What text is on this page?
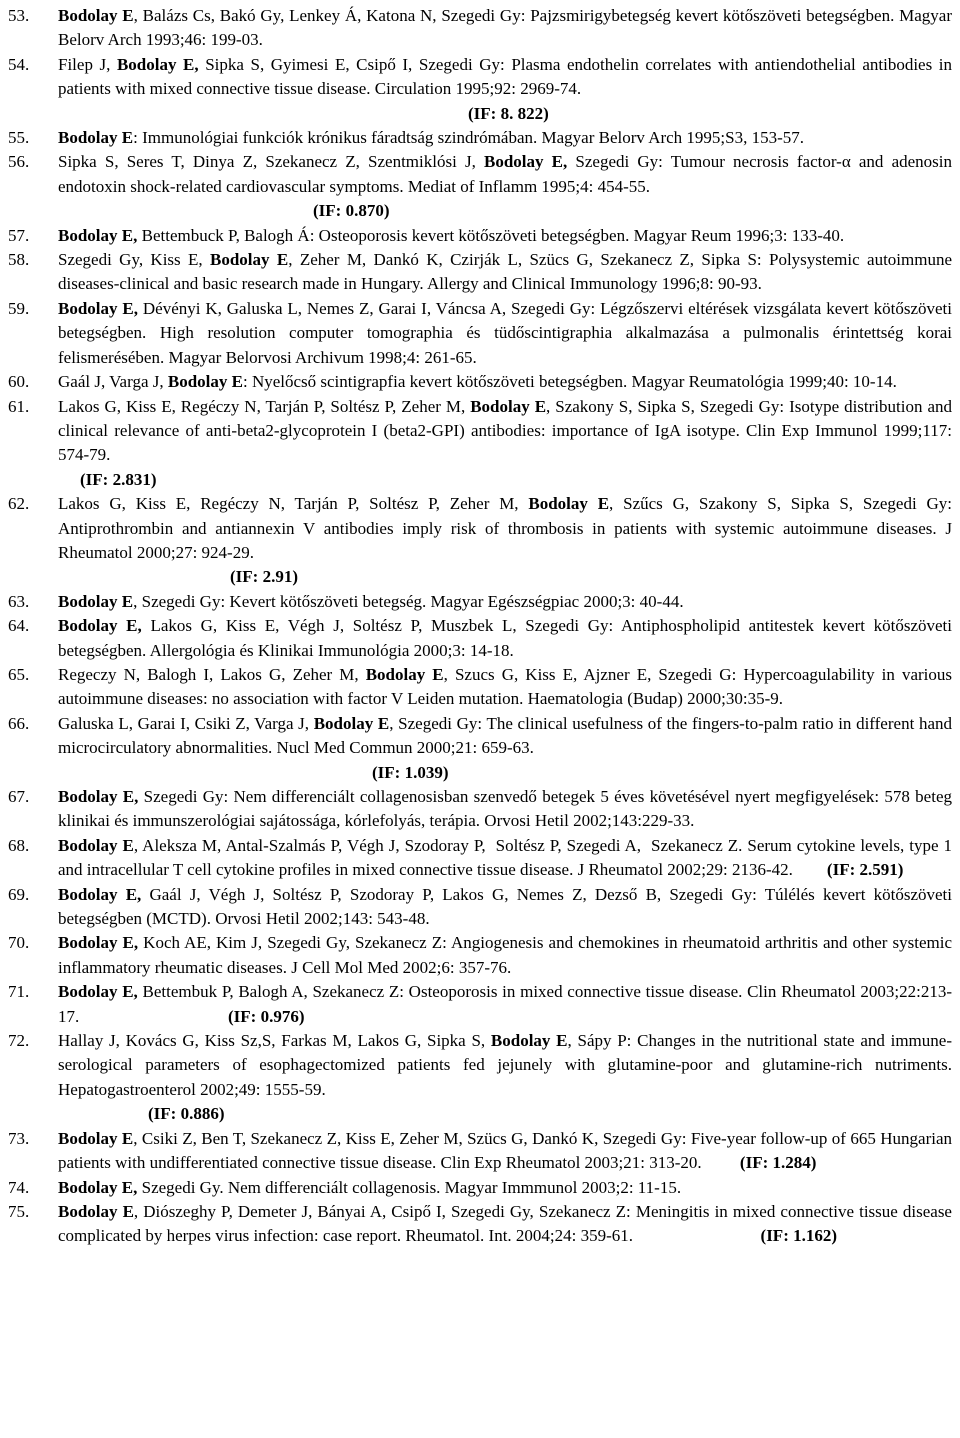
53.	Bodolay E, Balázs Cs, Bakó Gy, Lenkey Á, Katona N, Szegedi Gy: Pajzsmirigybetegség kevert kötőszöveti betegségben. Magyar Belorv Arch 1993;46: 199-03.
54.	Filep J, Bodolay E, Sipka S, Gyimesi E, Csipő I, Szegedi Gy: Plasma endothelin correlates with antiendothelial antibodies in patients with mixed connective tissue disease. Circulation 1995;92: 2969-74.
(IF: 8. 822)
55.	Bodolay E: Immunológiai funkciók krónikus fáradtság szindrómában. Magyar Belorv Arch 1995;S3, 153-57.
56.	Sipka S, Seres T, Dinya Z, Szekanecz Z, Szentmiklósi J, Bodolay E, Szegedi Gy: Tumour necrosis factor-α and adenosin endotoxin shock-related cardiovascular symptoms. Mediat of Inflamm 1995;4: 454-55.
(IF: 0.870)
57.	Bodolay E, Bettembuck P, Balogh Á: Osteoporosis kevert kötőszöveti betegségben. Magyar Reum 1996;3: 133-40.
58.	Szegedi Gy, Kiss E, Bodolay E, Zeher M, Dankó K, Czirják L, Szücs G, Szekanecz Z, Sipka S: Polysystemic autoimmune diseases-clinical and basic research made in Hungary. Allergy and Clinical Immunology 1996;8: 90-93.
59.	Bodolay E, Dévényi K, Galuska L, Nemes Z, Garai I, Váncsa A, Szegedi Gy: Légzőszervi eltérések vizsgálata kevert kötőszöveti betegségben. High resolution computer tomographia és tüdőscintigraphia alkalmazása a pulmonalis érintettség korai felismerésében. Magyar Belorvosi Archivum 1998;4: 261-65.
60.	Gaál J, Varga J, Bodolay E: Nyelőcső scintigrapfia kevert kötőszöveti betegségben. Magyar Reumatológia 1999;40: 10-14.
61.	Lakos G, Kiss E, Regéczy N, Tarján P, Soltész P, Zeher M, Bodolay E, Szakony S, Sipka S, Szegedi Gy: Isotype distribution and clinical relevance of anti-beta2-glycoprotein I (beta2-GPI) antibodies: importance of IgA isotype. Clin Exp Immunol 1999;117: 574-79.
(IF: 2.831)
62.	Lakos G, Kiss E, Regéczy N, Tarján P, Soltész P, Zeher M, Bodolay E, Szűcs G, Szakony S, Sipka S, Szegedi Gy: Antiprothrombin and antiannexin V antibodies imply risk of thrombosis in patients with systemic autoimmune diseases. J Rheumatol 2000;27: 924-29.
(IF: 2.91)
63.	Bodolay E, Szegedi Gy: Kevert kötőszöveti betegség. Magyar Egészségpiac 2000;3: 40-44.
64.	Bodolay E, Lakos G, Kiss E, Végh J, Soltész P, Muszbek L, Szegedi Gy: Antiphospholipid antitestek kevert kötőszöveti betegségben. Allergológia és Klinikai Immunológia 2000;3: 14-18.
65.	Regeczy N, Balogh I, Lakos G, Zeher M, Bodolay E, Szucs G, Kiss E, Ajzner E, Szegedi G: Hypercoagulability in various autoimmune diseases: no association with factor V Leiden mutation. Haematologia (Budap) 2000;30:35-9.
66.	Galuska L, Garai I, Csiki Z, Varga J, Bodolay E, Szegedi Gy: The clinical usefulness of the fingers-to-palm ratio in different hand microcirculatory abnormalities. Nucl Med Commun 2000;21: 659-63.
(IF: 1.039)
67.	Bodolay E, Szegedi Gy: Nem differenciált collagenosisban szenvedő betegek 5 éves követésével nyert megfigyelések: 578 beteg klinikai és immunszerológiai sajátossága, kórlefolyás, terápia. Orvosi Hetil 2002;143:229-33.
68.	Bodolay E, Aleksza M, Antal-Szalmás P, Végh J, Szodoray P,  Soltész P, Szegedi A,  Szekanecz Z. Serum cytokine levels, type 1 and intracellular T cell cytokine profiles in mixed connective tissue disease. J Rheumatol 2002;29: 2136-42.        (IF: 2.591)
69.	Bodolay E, Gaál J, Végh J, Soltész P, Szodoray P, Lakos G, Nemes Z, Dezső B, Szegedi Gy: Túlélés kevert kötőszöveti betegségben (MCTD). Orvosi Hetil 2002;143: 543-48.
70.	Bodolay E, Koch AE, Kim J, Szegedi Gy, Szekanecz Z: Angiogenesis and chemokines in rheumatoid arthritis and other systemic inflammatory rheumatic diseases. J Cell Mol Med 2002;6: 357-76.
71.	Bodolay E, Bettembuk P, Balogh A, Szekanecz Z: Osteoporosis in mixed connective tissue disease. Clin Rheumatol 2003;22:213-17.                                   (IF: 0.976)
72.	Hallay J, Kovács G, Kiss Sz,S, Farkas M, Lakos G, Sipka S, Bodolay E, Sápy P: Changes in the nutritional state and immune-serological parameters of esophagectomized patients fed jejunely with glutamine-poor and glutamine-rich nutriments. Hepatogastroenterol 2002;49: 1555-59.
(IF: 0.886)
73.	Bodolay E, Csiki Z, Ben T, Szekanecz Z, Kiss E, Zeher M, Szücs G, Dankó K, Szegedi Gy: Five-year follow-up of 665 Hungarian patients with undifferentiated connective tissue disease. Clin Exp Rheumatol 2003;21: 313-20.         (IF: 1.284)
74.	Bodolay E, Szegedi Gy. Nem differenciált collagenosis. Magyar Immmunol 2003;2: 11-15.
75.	Bodolay E, Diószeghy P, Demeter J, Bányai A, Csipő I, Szegedi Gy, Szekanecz Z: Meningitis in mixed connective tissue disease complicated by herpes virus infection: case report. Rheumatol. Int. 2004;24: 359-61.                              (IF: 1.162)
